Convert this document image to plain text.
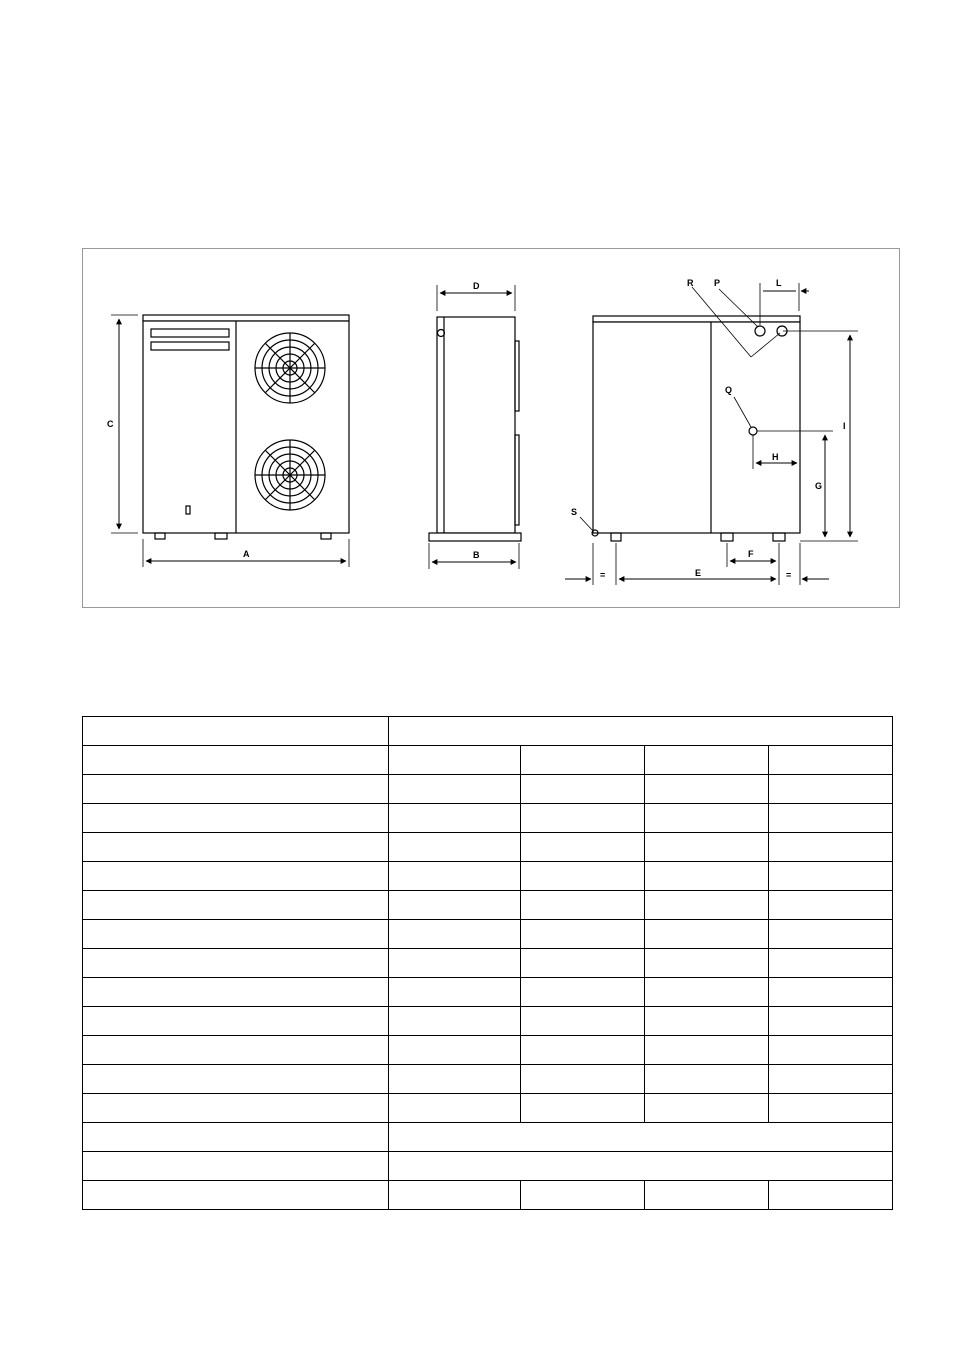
C
A
D
B
R P	L
Q
I
H
G
S
F
E
=	=
